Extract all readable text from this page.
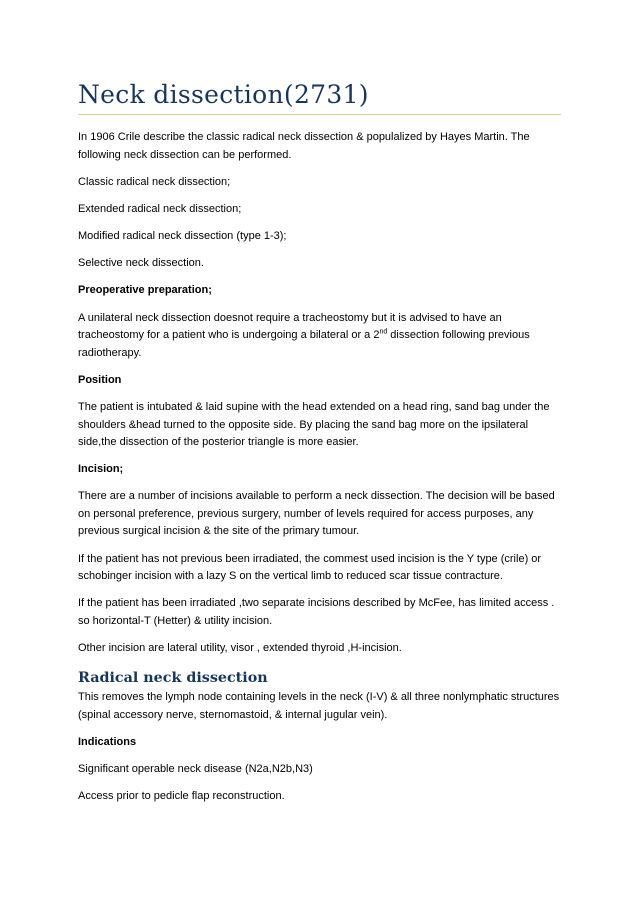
Neck dissection(2731)

In 1906 Crile describe the classic radical neck dissection & populalized by Hayes Martin. The following neck dissection can be performed.

Classic radical neck dissection;

Extended radical neck dissection;

Modified radical neck dissection (type 1-3);

Selective neck dissection.

Preoperative preparation;

A unilateral neck dissection doesnot require a tracheostomy but it is advised to have an tracheostomy for a patient who is undergoing a bilateral or a 2nd dissection following previous radiotherapy.

Position

The patient is intubated & laid supine with the head extended on a head ring, sand bag under the shoulders &head turned to the opposite side. By placing the sand bag more on the ipsilateral side,the dissection of the posterior triangle is more easier.

Incision;

There are a number of incisions available to perform a neck dissection. The decision will be based on personal preference, previous surgery, number of levels required for access purposes, any previous surgical incision & the site of the primary tumour.

If the patient has not previous been irradiated, the commest used incision is the Y type (crile) or schobinger incision with a lazy S on the vertical limb to reduced scar tissue contracture.

If the patient has been irradiated ,two separate incisions described by McFee, has limited access . so horizontal-T (Hetter) & utility incision.

Other incision are lateral utility, visor , extended thyroid ,H-incision.

Radical neck dissection

This removes the lymph node containing levels in the neck (I-V) & all three nonlymphatic structures (spinal accessory nerve, sternomastoid, & internal jugular vein).

Indications

Significant operable neck disease (N2a,N2b,N3)

Access prior to pedicle flap reconstruction.
